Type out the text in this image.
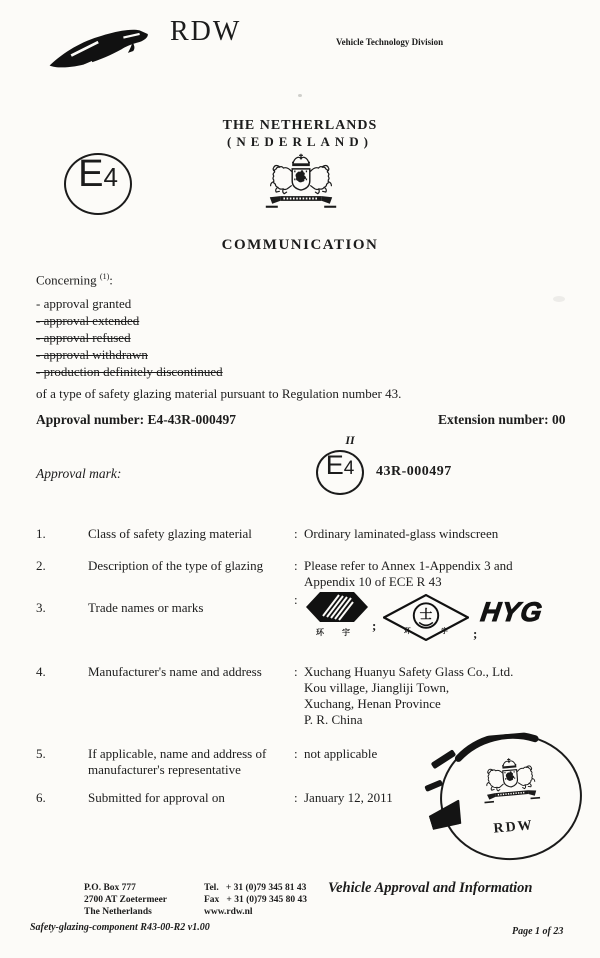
RDW	Vehicle Technology Division
THE NETHERLANDS
(NEDERLAND)
COMMUNICATION
E 4
Concerning $^{(1)}$:
- approval granted
- approval extended
- approval refused
- approval withdrawn
- production definitely discontinued
of a type of safety glazing material pursuant to Regulation number 43.
Approval number: E4-43R-000497	Extension number: 00
Approval mark:
II
E 4 43R-000497
1.	Class of safety glazing material	: Ordinary laminated-glass windscreen
2.	Description of the type of glazing : Please refer to Annex 1-Appendix 3 and
Appendix 10 of ECE R 43
3.	Trade names or marks
:
环 宇	;
士
环	宇 ;
HYG
4.	Manufacturer's name and address : Xuchang Huanyu Safety Glass Co., Ltd.
Kou village, Jiangliji Town,
Xuchang, Henan Province
P. R. China
5.	If applicable, name and address of
manufacturer's representative
: not applicable
6.	Submitted for approval on	: January 12, 2011
RDW
P.O. Box 777
2700 AT Zoetermeer
The Netherlands
Tel.   + 31 (0)79 345 81 43
Fax   + 31 (0)79 345 80 43
www.rdw.nl
Vehicle Approval and Information
Safety-glazing-component R43-00-R2 v1.00	Page 1 of 23
